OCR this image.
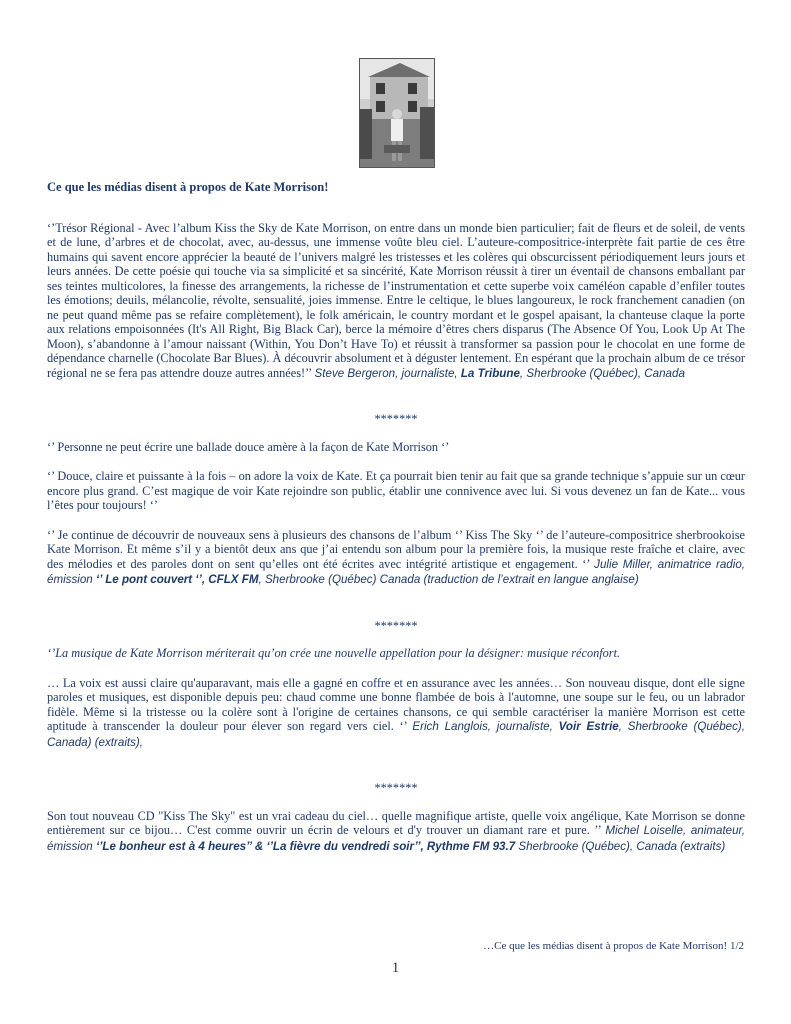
Ce que les médias disent à propos de Kate Morrison!

‘’Trésor Régional - Avec l’album Kiss the Sky de Kate Morrison, on entre dans un monde bien particulier; fait de fleurs et de soleil, de vents et de lune, d’arbres et de chocolat, avec, au-dessus, une immense voûte bleu ciel. L’auteure-compositrice-interprète fait partie de ces être humains qui savent encore apprécier la beauté de l’univers malgré les tristesses et les colères qui obscurcissent périodiquement leurs jours et leurs années. De cette poésie qui touche via sa simplicité et sa sincérité, Kate Morrison réussit à tirer un éventail de chansons emballant par ses teintes multicolores, la finesse des arrangements, la richesse de l’instrumentation et cette superbe voix caméléon capable d’enfiler toutes les émotions; deuils, mélancolie, révolte, sensualité, joies immense. Entre le celtique, le blues langoureux, le rock franchement canadien (on ne peut quand même pas se refaire complètement), le folk américain, le country mordant et le gospel apaisant, la chanteuse claque la porte aux relations empoisonnées (It's All Right, Big Black Car), berce la mémoire d’êtres chers disparus (The Absence Of You, Look Up At The Moon), s’abandonne à l’amour naissant (Within, You Don’t Have To) et réussit à transformer sa passion pour le chocolat en une forme de dépendance charnelle (Chocolate Bar Blues). À découvrir absolument et à déguster lentement. En espérant que la prochain album de ce trésor régional ne se fera pas attendre douze autres années!’’ Steve Bergeron, journaliste, La Tribune, Sherbrooke (Québec), Canada

*******

‘’ Personne ne peut écrire une ballade douce amère à la façon de Kate Morrison ‘’

‘’ Douce, claire et puissante à la fois – on adore la voix de Kate. Et ça pourrait bien tenir au fait que sa grande technique s’appuie sur un cœur encore plus grand. C’est magique de voir Kate rejoindre son public, établir une connivence avec lui. Si vous devenez un fan de Kate... vous l’êtes pour toujours! ‘’

‘’ Je continue de découvrir de nouveaux sens à plusieurs des chansons de l’album ‘’ Kiss The Sky ‘’ de l’auteure-compositrice sherbrookoise Kate Morrison. Et même s’il y a bientôt deux ans que j’ai entendu son album pour la première fois, la musique reste fraîche et claire, avec des mélodies et des paroles dont on sent qu’elles ont été écrites avec intégrité artistique et engagement. ‘’ Julie Miller, animatrice radio, émission ‘’ Le pont couvert ‘’, CFLX FM, Sherbrooke (Québec) Canada (traduction de l’extrait en langue anglaise)

*******

‘’La musique de Kate Morrison mériterait qu’on crée une nouvelle appellation pour la désigner: musique réconfort.

… La voix est aussi claire qu'auparavant, mais elle a gagné en coffre et en assurance avec les années… Son nouveau disque, dont elle signe paroles et musiques, est disponible depuis peu: chaud comme une bonne flambée de bois à l'automne, une soupe sur le feu, ou un labrador fidèle. Même si la tristesse ou la colère sont à l'origine de certaines chansons, ce qui semble caractériser la manière Morrison est cette aptitude à transcender la douleur pour élever son regard vers ciel. ‘’ Erich Langlois, journaliste, Voir Estrie, Sherbrooke (Québec), Canada) (extraits),

*******

Son tout nouveau CD "Kiss The Sky" est un vrai cadeau du ciel… quelle magnifique artiste, quelle voix angélique, Kate Morrison se donne entièrement sur ce bijou… C'est comme ouvrir un écrin de velours et d'y trouver un diamant rare et pure. ’’ Michel Loiselle, animateur, émission ‘’Le bonheur est à 4 heures’’ & ‘’La fièvre du vendredi soir’’, Rythme FM 93.7 Sherbrooke (Québec), Canada (extraits)

…Ce que les médias disent à propos de Kate Morrison! 1/2
1
